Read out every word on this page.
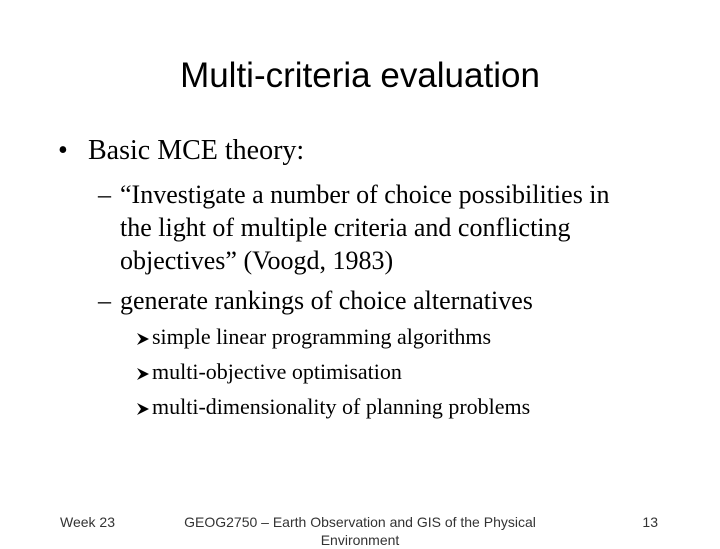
Multi-criteria evaluation
• Basic MCE theory:
– “Investigate a number of choice possibilities in
the light of multiple criteria and conflicting
objectives” (Voogd, 1983)
– generate rankings of choice alternatives
simple linear programming algorithms
multi-objective optimisation
multi-dimensionality of planning problems
Week 23	GEOG2750 – Earth Observation and GIS of the Physical Environment
13
